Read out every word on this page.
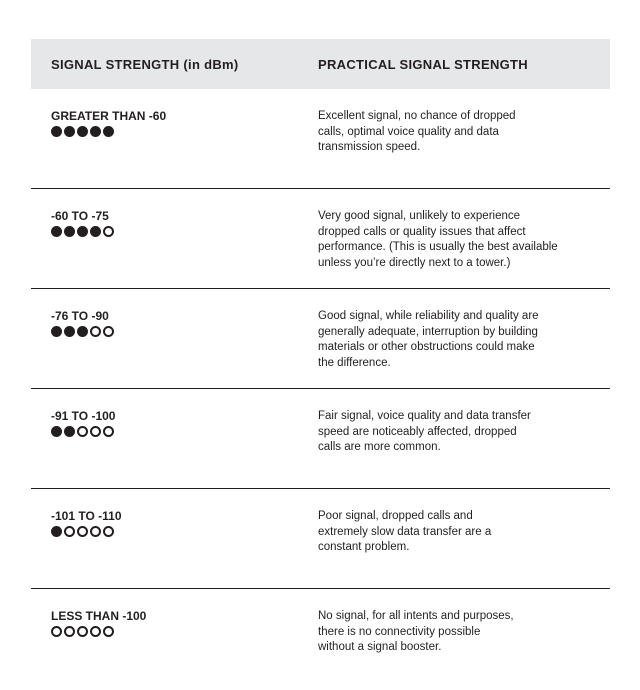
SIGNAL STRENGTH (in dBm)	PRACTICAL SIGNAL STRENGTH
GREATER THAN -60	Excellent signal, no chance of dropped
calls, optimal voice quality and data
transmission speed.
-60 TO -75	Very good signal, unlikely to experience
dropped calls or quality issues that affect
performance. (This is usually the best available
unless you’re directly next to a tower.)
-76 TO -90	Good signal, while reliability and quality are
generally adequate, interruption by building
materials or other obstructions could make
the difference.
-91 TO -100	Fair signal, voice quality and data transfer
speed are noticeably affected, dropped
calls are more common.
-101 TO -110	Poor signal, dropped calls and
extremely slow data transfer are a
constant problem.
LESS THAN -100	No signal, for all intents and purposes,
there is no connectivity possible
without a signal booster.
